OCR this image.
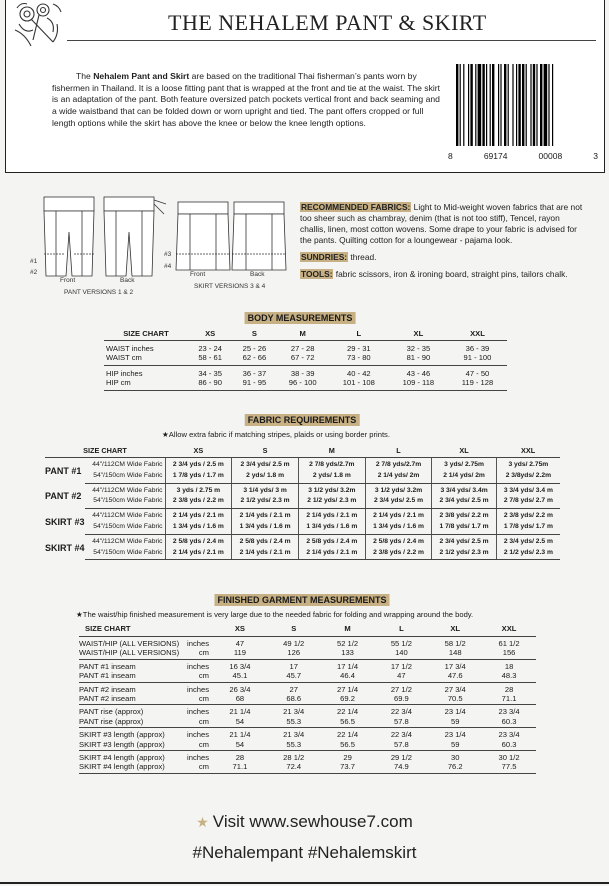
THE NEHALEM PANT & SKIRT
The Nehalem Pant and Skirt are based on the traditional Thai fisherman’s pants worn by fishermen in Thailand. It is a loose fitting pant that is wrapped at the front and tie at the waist. The skirt is an adaptation of the pant. Both feature oversized patch pockets vertical front and back seaming and a wide waistband that can be folded down or worn upright and tied. The pant offers cropped or full length options while the skirt has above the knee or below the knee length options.
8	69174	00008	3
Front	Back
PANT VERSIONS 1 & 2
Front	Back
SKIRT VERSIONS 3 & 4
#1
#2
#3
#4

RECOMMENDED FABRICS: Light to Mid-weight woven fabrics that are not too sheer such as chambray, denim (that is not too stiff), Tencel, rayon challis, linen, most cotton wovens. Some drape to your fabric is advised for the pants. Quilting cotton for a loungewear - pajama look.

SUNDRIES: thread.

TOOLS: fabric scissors, iron & ironing board, straight pins, tailors chalk.

BODY MEASUREMENTS
SIZE CHART	XS	S	M	L	XL	XXL
WAIST inches	23 - 24	25 - 26	27 - 28	29 - 31	32 - 35	36 - 39
WAIST cm	58 - 61	62 - 66	67 - 72	73 - 80	81 - 90	91 - 100
HIP inches	34 - 35	36 - 37	38 - 39	40 - 42	43 - 46	47 - 50
HIP cm	86 - 90	91 - 95	96 - 100	101 - 108	109 - 118	119 - 128
FABRIC REQUIREMENTS
★Allow extra fabric if matching stripes, plaids or using border prints.
SIZE CHART		XS	S	M	L	XL	XXL
PANT #1	44"/112CM Wide Fabric	2 3/4 yds / 2.5 m	2 3/4 yds/ 2.5 m	2 7/8 yds/2.7m	2 7/8 yds/2.7m	3 yds/ 2.75m	3 yds/ 2.75m
	54"/150cm Wide Fabric	1 7/8 yds / 1.7 m	2 yds/ 1.8 m	2 yds/ 1.8 m	2 1/4 yds/ 2m	2 1/4 yds/ 2m	2 3/8yds/ 2.2m
PANT #2	44"/112CM Wide Fabric	3 yds / 2.75 m	3 1/4 yds/ 3 m	3 1/2 yds/ 3.2m	3 1/2 yds/ 3.2m	3 3/4 yds/ 3.4m	3 3/4 yds/ 3.4 m
	54"/150cm Wide Fabric	2 3/8 yds / 2.2 m	2 1/2 yds/ 2.3 m	2 1/2 yds/ 2.3 m	2 3/4 yds/ 2.5 m	2 3/4 yds/ 2.5 m	2 7/8 yds/ 2.7 m
SKIRT #3	44"/112CM Wide Fabric	2 1/4 yds / 2.1 m	2 1/4 yds / 2.1 m	2 1/4 yds / 2.1 m	2 1/4 yds / 2.1 m	2 3/8 yds/ 2.2 m	2 3/8 yds/ 2.2 m
	54"/150cm Wide Fabric	1 3/4 yds / 1.6 m	1 3/4 yds / 1.6 m	1 3/4 yds / 1.6 m	1 3/4 yds / 1.6 m	1 7/8 yds/ 1.7 m	1 7/8 yds/ 1.7 m
SKIRT #4	44"/112CM Wide Fabric	2 5/8 yds / 2.4 m	2 5/8 yds / 2.4 m	2 5/8 yds / 2.4 m	2 5/8 yds / 2.4 m	2 3/4 yds/ 2.5 m	2 3/4 yds/ 2.5 m
	54"/150cm Wide Fabric	2 1/4 yds / 2.1 m	2 1/4 yds / 2.1 m	2 1/4 yds / 2.1 m	2 3/8 yds / 2.2 m	2 1/2 yds/ 2.3 m	2 1/2 yds/ 2.3 m
FINISHED GARMENT MEASUREMENTS
★The waist/hip finished measurement is very large due to the needed fabric for folding and wrapping around the body.
SIZE CHART		XS	S	M	L	XL	XXL
WAIST/HIP (ALL VERSIONS)	inches	47	49 1/2	52 1/2	55 1/2	58 1/2	61 1/2
WAIST/HIP (ALL VERSIONS)	cm	119	126	133	140	148	156
PANT #1 inseam	inches	16 3/4	17	17 1/4	17 1/2	17 3/4	18
PANT #1 inseam	cm	45.1	45.7	46.4	47	47.6	48.3
PANT #2 inseam	inches	26 3/4	27	27 1/4	27 1/2	27 3/4	28
PANT #2 inseam	cm	68	68.6	69.2	69.9	70.5	71.1
PANT rise (approx)	inches	21 1/4	21 3/4	22 1/4	22 3/4	23 1/4	23 3/4
PANT rise (approx)	cm	54	55.3	56.5	57.8	59	60.3
SKIRT #3 length (approx)	inches	21 1/4	21 3/4	22 1/4	22 3/4	23 1/4	23 3/4
SKIRT #3 length (approx)	cm	54	55.3	56.5	57.8	59	60.3
SKIRT #4 length (approx)	inches	28	28 1/2	29	29 1/2	30	30 1/2
SKIRT #4 length (approx)	cm	71.1	72.4	73.7	74.9	76.2	77.5
★ Visit www.sewhouse7.com
#Nehalempant #Nehalemskirt
